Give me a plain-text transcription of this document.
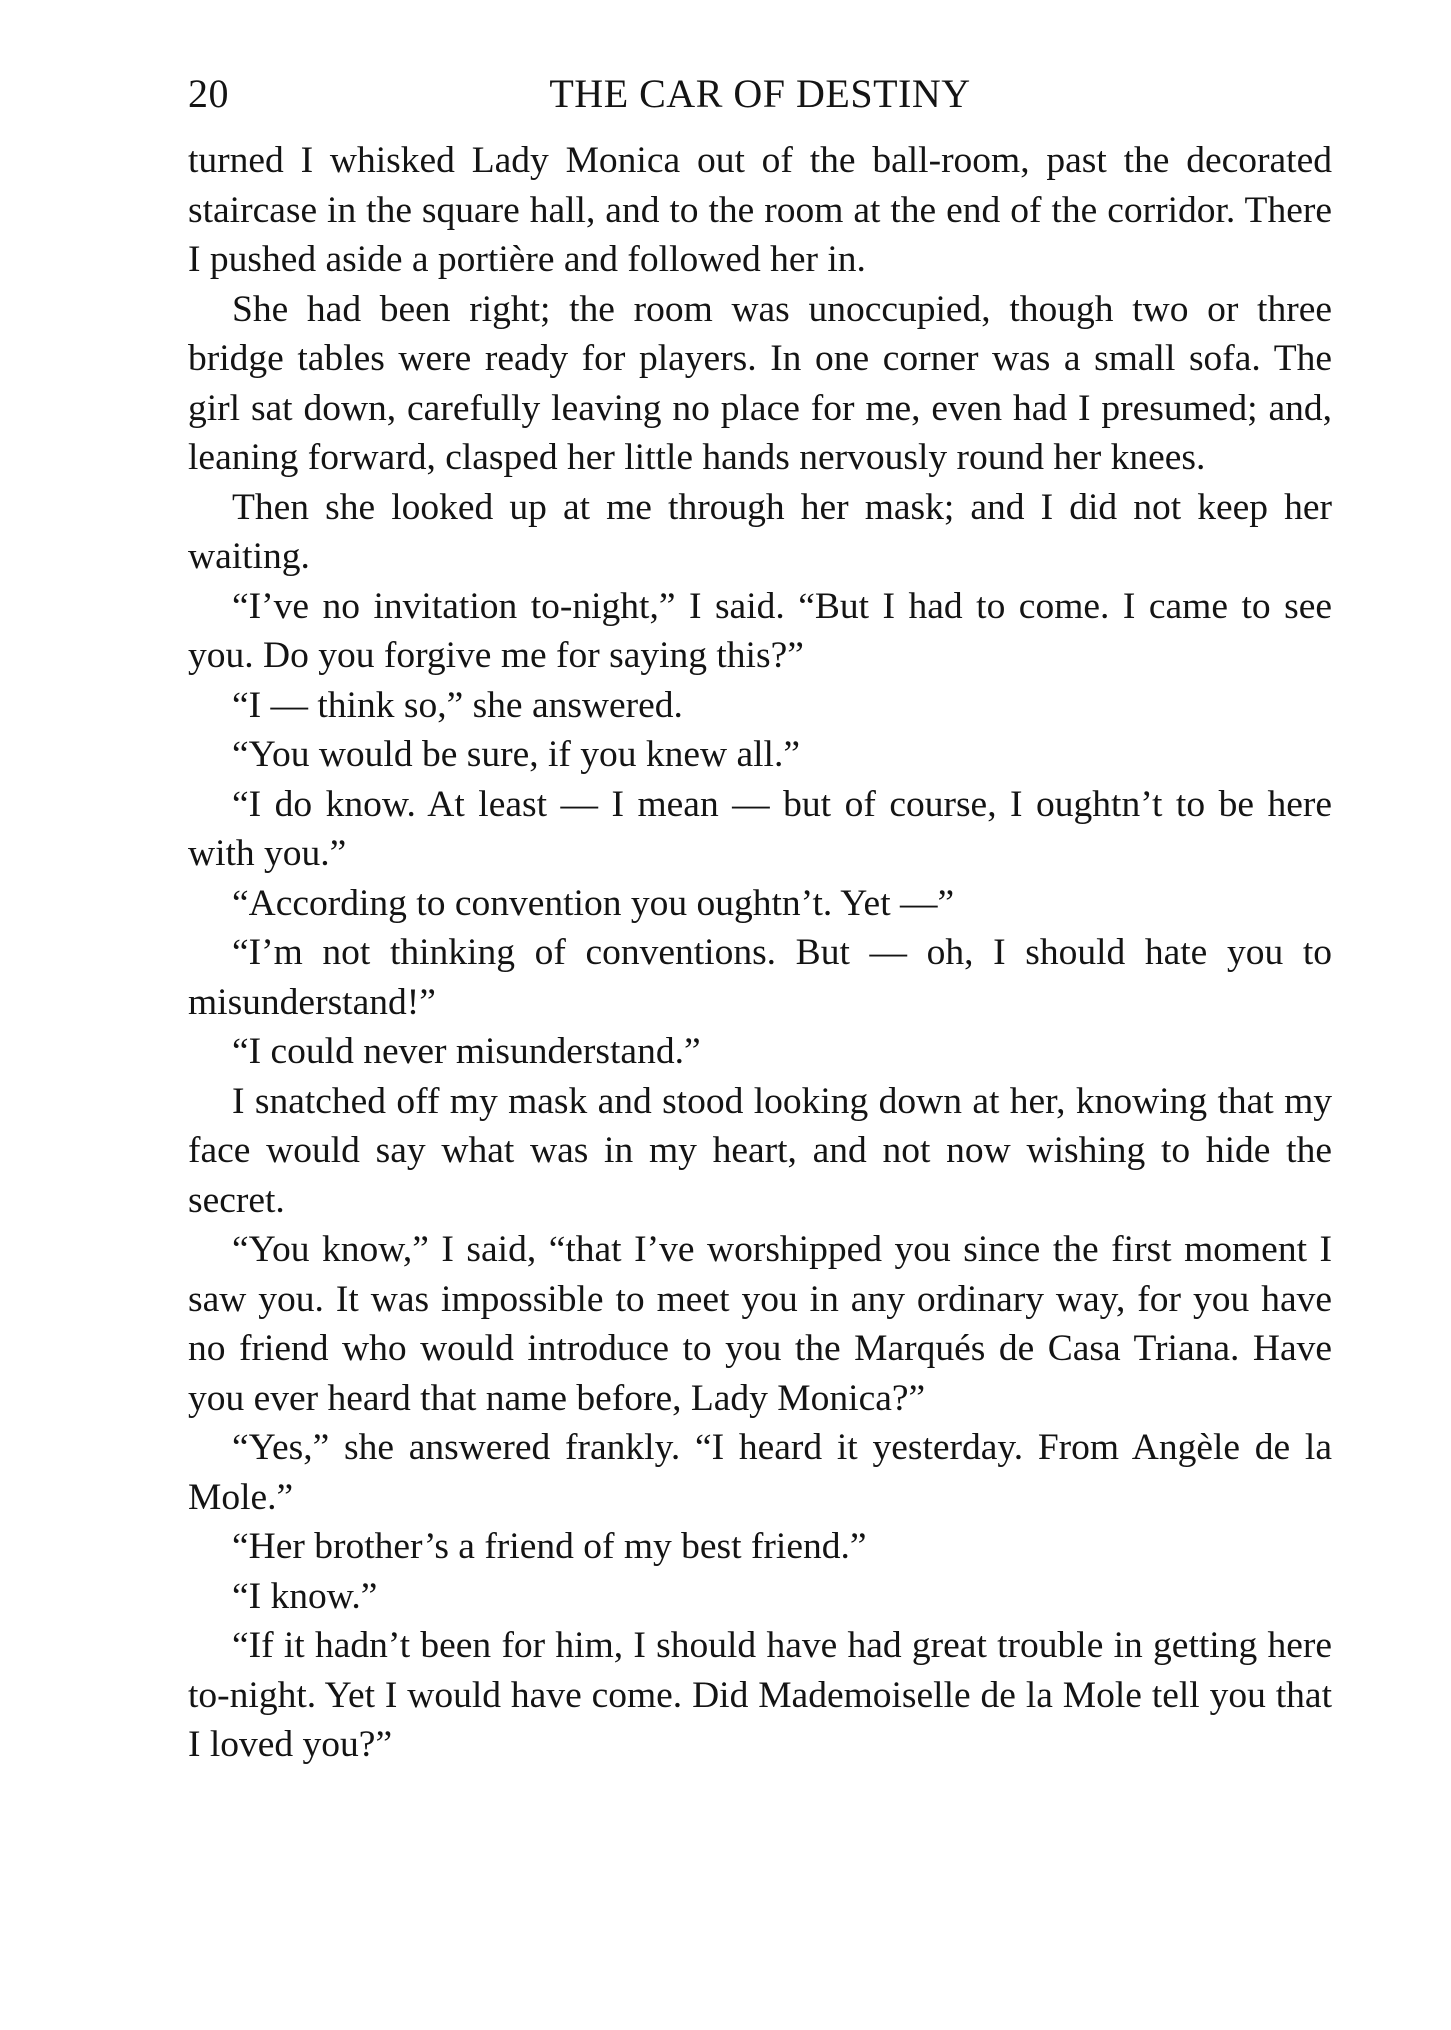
20	THE CAR OF DESTINY

turned I whisked Lady Monica out of the ball-room, past the decorated staircase in the square hall, and to the room at the end of the corridor. There I pushed aside a portière and followed her in.

She had been right; the room was unoccupied, though two or three bridge tables were ready for players. In one corner was a small sofa. The girl sat down, carefully leaving no place for me, even had I presumed; and, leaning forward, clasped her little hands nervously round her knees.

Then she looked up at me through her mask; and I did not keep her waiting.

“I’ve no invitation to-night,” I said. “But I had to come. I came to see you. Do you forgive me for saying this?”

“I — think so,” she answered.

“You would be sure, if you knew all.”

“I do know. At least — I mean — but of course, I oughtn’t to be here with you.”

“According to convention you oughtn’t. Yet —”

“I’m not thinking of conventions. But — oh, I should hate you to misunderstand!”

“I could never misunderstand.”

I snatched off my mask and stood looking down at her, knowing that my face would say what was in my heart, and not now wishing to hide the secret.

“You know,” I said, “that I’ve worshipped you since the first moment I saw you. It was impossible to meet you in any ordinary way, for you have no friend who would introduce to you the Marqués de Casa Triana. Have you ever heard that name before, Lady Monica?”

“Yes,” she answered frankly. “I heard it yesterday. From Angèle de la Mole.”

“Her brother’s a friend of my best friend.”

“I know.”

“If it hadn’t been for him, I should have had great trouble in getting here to-night. Yet I would have come. Did Mademoiselle de la Mole tell you that I loved you?”
